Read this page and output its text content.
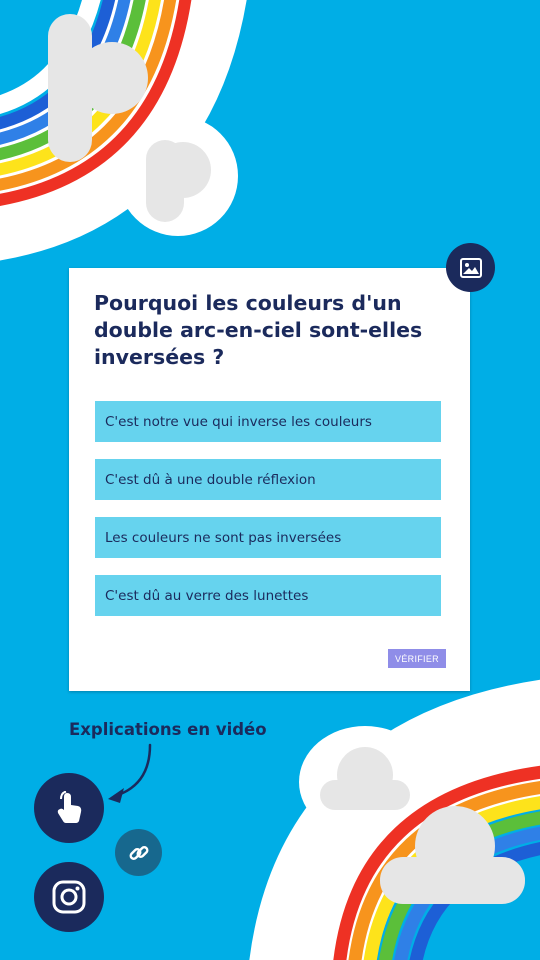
Pourquoi les couleurs d'un double arc-en-ciel sont-elles inversées ?
C'est notre vue qui inverse les couleurs
C'est dû à une double réflexion
Les couleurs ne sont pas inversées
C'est dû au verre des lunettes
VÉRIFIER
Explications en vidéo
